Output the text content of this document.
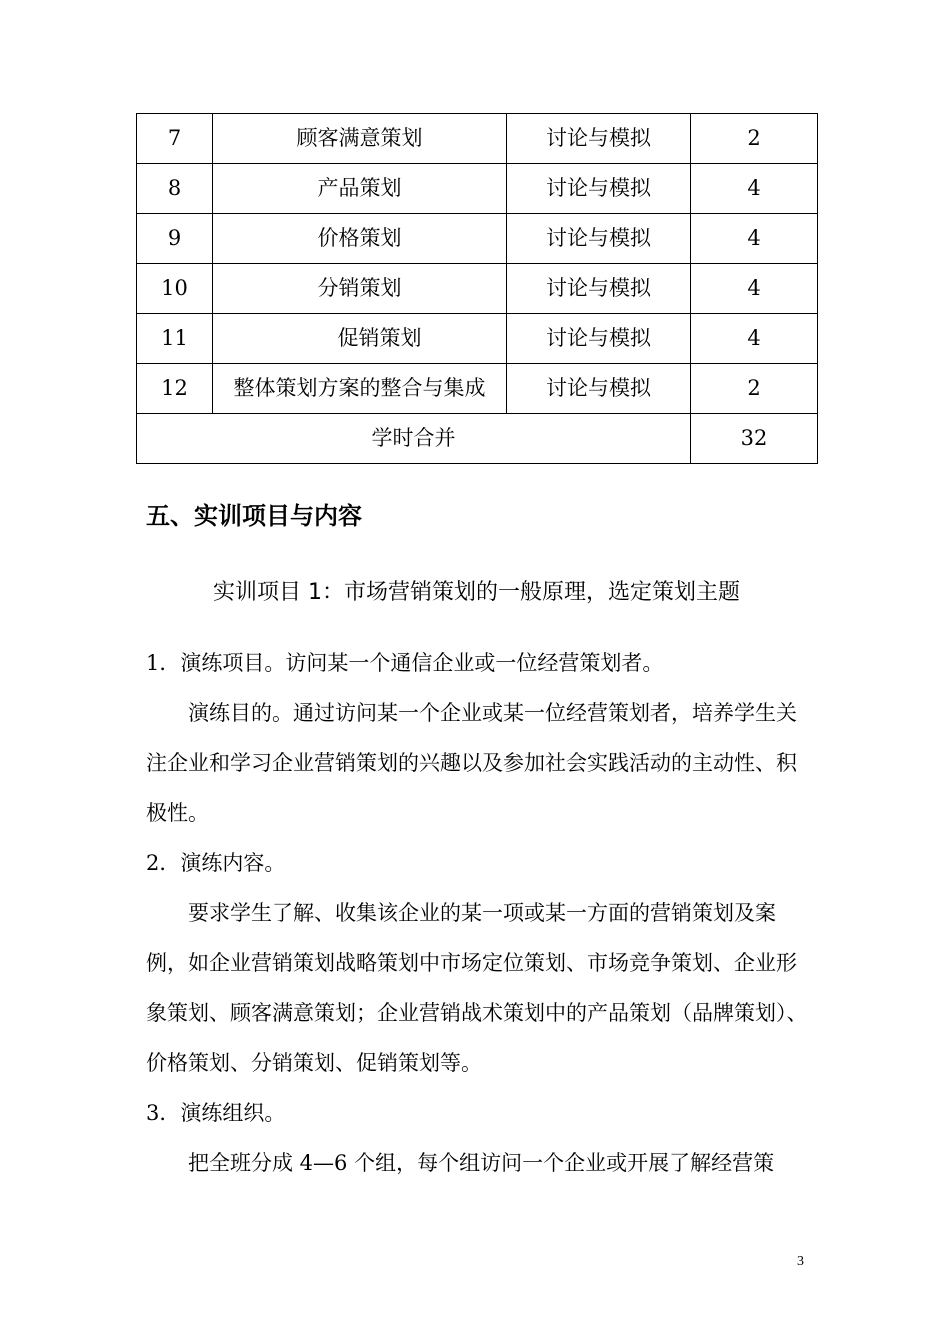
7	顾客满意策划	讨论与模拟	2
8	产品策划	讨论与模拟	4
9	价格策划	讨论与模拟	4
10	分销策划	讨论与模拟	4
11	促销策划	讨论与模拟	4
12	整体策划方案的整合与集成	讨论与模拟	2
学时合并			32
五、实训项目与内容
实训项目 1：市场营销策划的一般原理，选定策划主题

1．演练项目。访问某一个通信企业或一位经营策划者。

演练目的。通过访问某一个企业或某一位经营策划者，培养学生关注企业和学习企业营销策划的兴趣以及参加社会实践活动的主动性、积极性。

2．演练内容。

要求学生了解、收集该企业的某一项或某一方面的营销策划及案例，如企业营销策划战略策划中市场定位策划、市场竞争策划、企业形象策划、顾客满意策划；企业营销战术策划中的产品策划（品牌策划）、价格策划、分销策划、促销策划等。

3．演练组织。

把全班分成 4—6 个组，每个组访问一个企业或开展了解经营策

3
